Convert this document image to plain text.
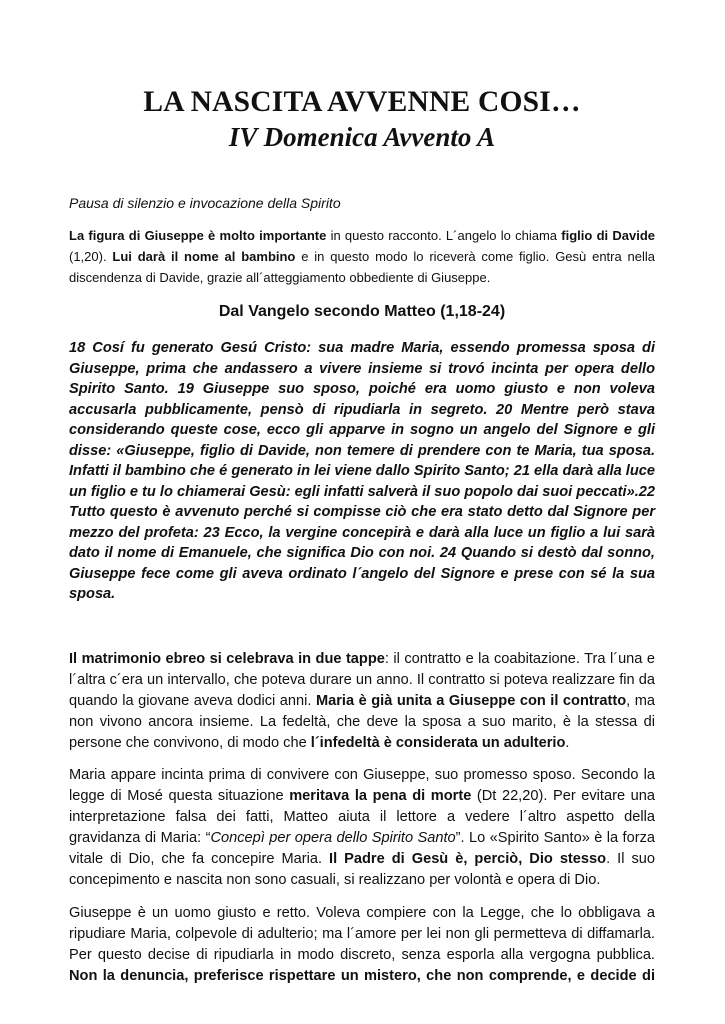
LA NASCITA AVVENNE COSI…
IV Domenica Avvento A

Pausa di silenzio e invocazione della Spirito

La figura di Giuseppe è molto importante in questo racconto. L´angelo lo chiama figlio di Davide (1,20). Lui darà il nome al bambino e in questo modo lo riceverà come figlio. Gesù entra nella discendenza di Davide, grazie all´atteggiamento obbediente di Giuseppe.

Dal Vangelo secondo Matteo (1,18-24)

18 Cosí fu generato Gesú Cristo: sua madre Maria, essendo promessa sposa di
Giuseppe, prima che andassero a vivere insieme si trovó incinta per opera dello
Spirito Santo. 19 Giuseppe suo sposo, poiché era uomo giusto e non voleva
accusarla pubblicamente, pensò di ripudiarla in segreto. 20 Mentre però stava
considerando queste cose, ecco gli apparve in sogno un angelo del Signore e gli
disse: «Giuseppe, figlio di Davide, non temere di prendere con te Maria, tua sposa.
Infatti il bambino che é generato in lei viene dallo Spirito Santo; 21 ella darà alla luce
un figlio e tu lo chiamerai Gesù: egli infatti salverà il suo popolo dai suoi peccati».22
Tutto questo è avvenuto perché si compisse ciò che era stato detto dal Signore per
mezzo del profeta: 23 Ecco, la vergine concepirà e darà alla luce un figlio a lui sarà
dato il nome di Emanuele, che significa Dio con noi. 24 Quando si destò dal sonno,
Giuseppe fece come gli aveva ordinato l´angelo del Signore e prese con sé la sua
sposa.

Il matrimonio ebreo si celebrava in due tappe: il contratto e la coabitazione. Tra l´una e
l´altra c´era un intervallo, che poteva durare un anno. Il contratto si poteva realizzare fin da
quando la giovane aveva dodici anni. Maria è già unita a Giuseppe con il contratto, ma
non vivono ancora insieme. La fedeltà, che deve la sposa a suo marito, è la stessa di
persone che convivono, di modo che l´infedeltà è considerata un adulterio.

Maria appare incinta prima di convivere con Giuseppe, suo promesso sposo. Secondo la
legge di Mosé questa situazione meritava la pena di morte (Dt 22,20). Per evitare una
interpretazione falsa dei fatti, Matteo aiuta il lettore a vedere l´altro aspetto della
gravidanza di Maria: “Concepì per opera dello Spirito Santo”. Lo «Spirito Santo» è la forza
vitale di Dio, che fa concepire Maria. Il Padre di Gesù è, perciò, Dio stesso. Il suo
concepimento e nascita non sono casuali, si realizzano per volontà e opera di Dio.

Giuseppe è un uomo giusto e retto. Voleva compiere con la Legge, che lo obbligava a
ripudiare Maria, colpevole di adulterio; ma l´amore per lei non gli permetteva di diffamarla.
Per questo decise di ripudiarla in modo discreto, senza esporla alla vergogna pubblica.
Non la denuncia, preferisce rispettare un mistero, che non comprende, e decide di
